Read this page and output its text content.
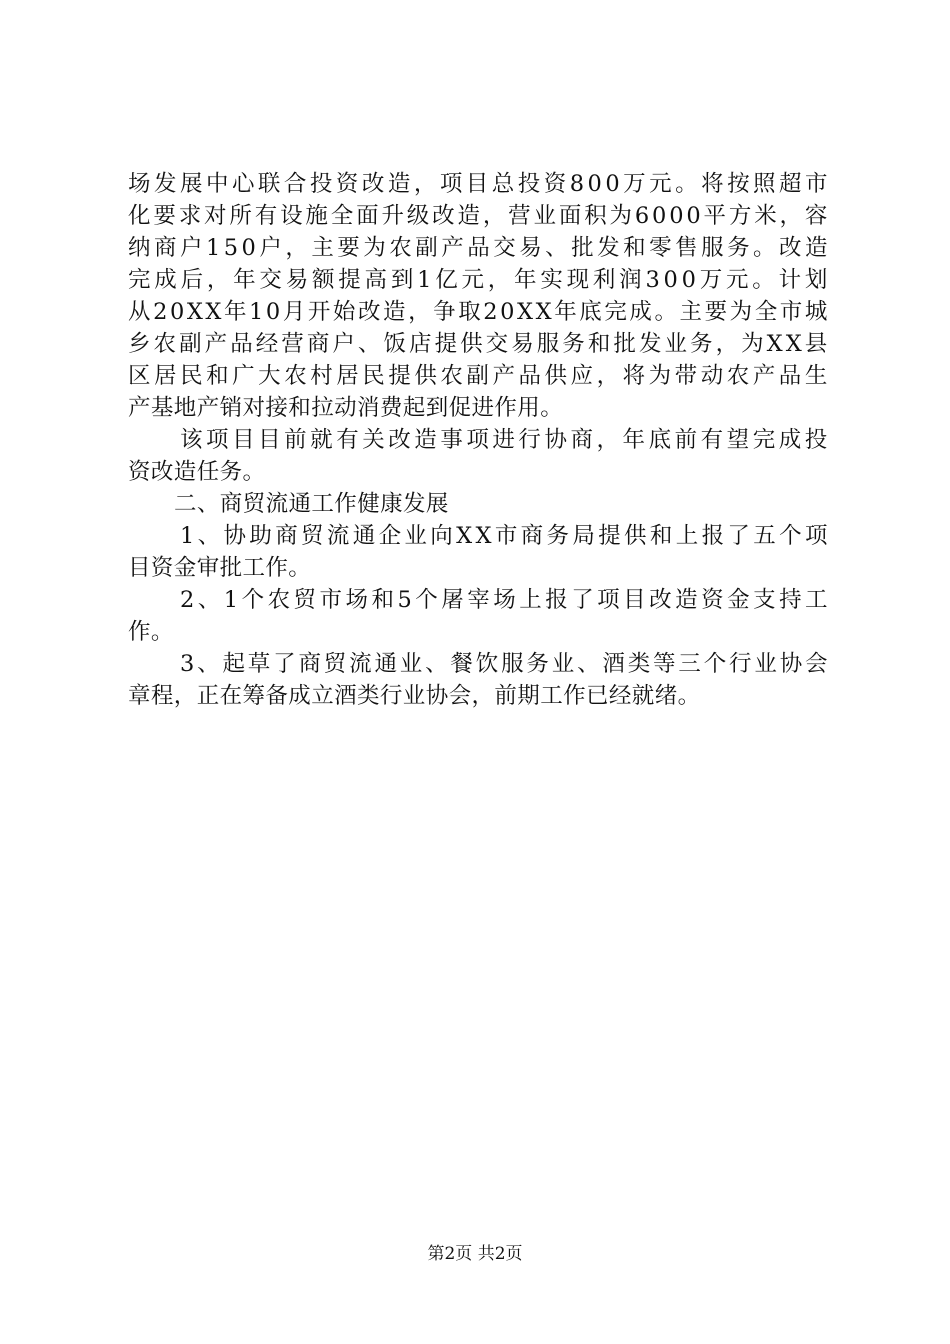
场 发 展 中 心 联 合 投 资 改 造 ， 项 目 总 投 资 8 0 0 万 元 。 将 按 照 超 市
化 要 求 对 所 有 设 施 全 面 升 级 改 造 ， 营 业 面 积 为 6 0 0 0 平 方 米 ， 容
纳 商 户 1 5 0 户 ， 主 要 为 农 副 产 品 交 易 、 批 发 和 零 售 服 务 。 改 造
完 成 后 ， 年 交 易 额 提 高 到 1 亿 元 ， 年 实 现 利 润 3 0 0 万 元 。 计 划
从 2 0 X X 年 1 0 月 开 始 改 造 ， 争 取 2 0 X X 年 底 完 成 。 主 要 为 全 市 城
乡 农 副 产 品 经 营 商 户 、 饭 店 提 供 交 易 服 务 和 批 发 业 务 ， 为 X X 县
区 居 民 和 广 大 农 村 居 民 提 供 农 副 产 品 供 应 ， 将 为 带 动 农 产 品 生
产基地产销对接和拉动消费起到促进作用。
该 项 目 目 前 就 有 关 改 造 事 项 进 行 协 商 ， 年 底 前 有 望 完 成 投
资改造任务。
二、商贸流通工作健康发展
1 、 协 助 商 贸 流 通 企 业 向 X X 市 商 务 局 提 供 和 上 报 了 五 个 项
目资金审批工作。
2 、 1 个 农 贸 市 场 和 5 个 屠 宰 场 上 报 了 项 目 改 造 资 金 支 持 工
作。
3 、 起 草 了 商 贸 流 通 业 、 餐 饮 服 务 业 、 酒 类 等 三 个 行 业 协 会
章程，正在筹备成立酒类行业协会，前期工作已经就绪。
第2页 共2页
